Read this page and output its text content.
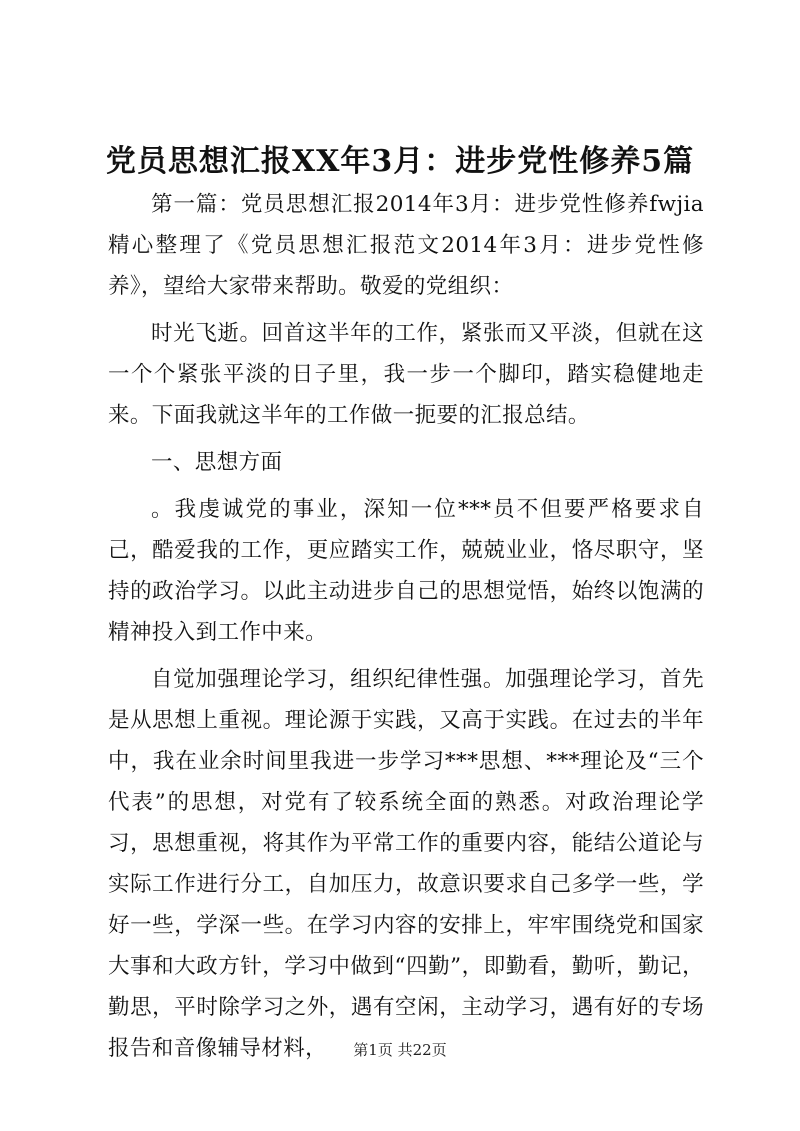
党员思想汇报XX年3月：进步党性修养5篇

第一篇：党员思想汇报2014年3月：进步党性修养fwjia精心整理了《党员思想汇报范文2014年3月：进步党性修养》，望给大家带来帮助。敬爱的党组织：

时光飞逝。回首这半年的工作，紧张而又平淡，但就在这一个个紧张平淡的日子里，我一步一个脚印，踏实稳健地走来。下面我就这半年的工作做一扼要的汇报总结。

一、思想方面

。我虔诚党的事业，深知一位***员不但要严格要求自己，酷爱我的工作，更应踏实工作，兢兢业业，恪尽职守，坚持的政治学习。以此主动进步自己的思想觉悟，始终以饱满的精神投入到工作中来。

自觉加强理论学习，组织纪律性强。加强理论学习，首先是从思想上重视。理论源于实践，又高于实践。在过去的半年中，我在业余时间里我进一步学习***思想、***理论及“三个代表”的思想，对党有了较系统全面的熟悉。对政治理论学习，思想重视，将其作为平常工作的重要内容，能结公道论与实际工作进行分工，自加压力，故意识要求自己多学一些，学好一些，学深一些。在学习内容的安排上，牢牢围绕党和国家大事和大政方针，学习中做到“四勤”，即勤看，勤听，勤记，勤思，平时除学习之外，遇有空闲，主动学习，遇有好的专场报告和音像辅导材料，	第1页 共22页
